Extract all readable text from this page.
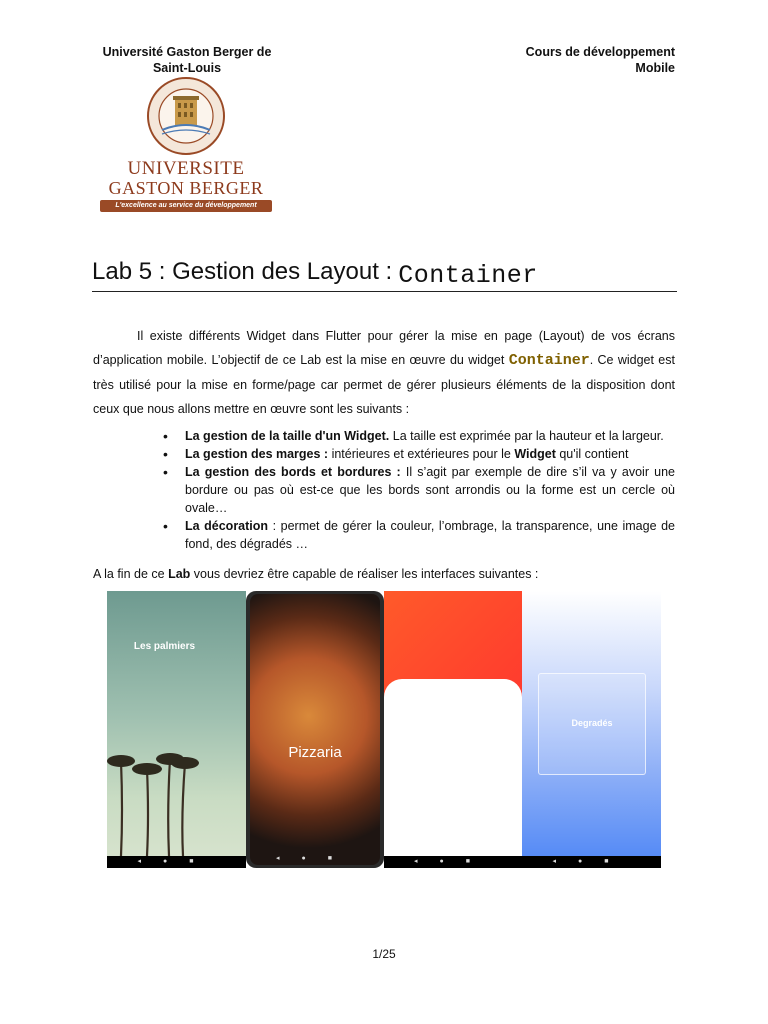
Université Gaston Berger de
Saint-Louis
Cours de développement
Mobile
UNIVERSITE
GASTON BERGER
L'excellence au service du développement
Lab 5 : Gestion des Layout : Container
Il existe différents Widget dans Flutter pour gérer la mise en page (Layout) de vos écrans d’application mobile. L’objectif de ce Lab est la mise en œuvre du widget Container. Ce widget est très utilisé pour la mise en forme/page car permet de gérer plusieurs éléments de la disposition dont ceux que nous allons mettre en œuvre sont les suivants :
• La gestion de la taille d'un Widget. La taille est exprimée par la hauteur et la largeur.
• La gestion des marges : intérieures et extérieures pour le Widget qu'il contient
• La gestion des bords et bordures : Il s’agit par exemple de dire s’il va y avoir une bordure ou pas où est-ce que les bords sont arrondis ou la forme est un cercle où ovale…
• La décoration : permet de gérer la couleur, l’ombrage, la transparence, une image de fond, des dégradés …
A la fin de ce Lab vous devriez être capable de réaliser les interfaces suivantes :
Les palmiers
◂●■
Pizzaria
◂●■	◂●■
Degradés
◂●■
1/25
